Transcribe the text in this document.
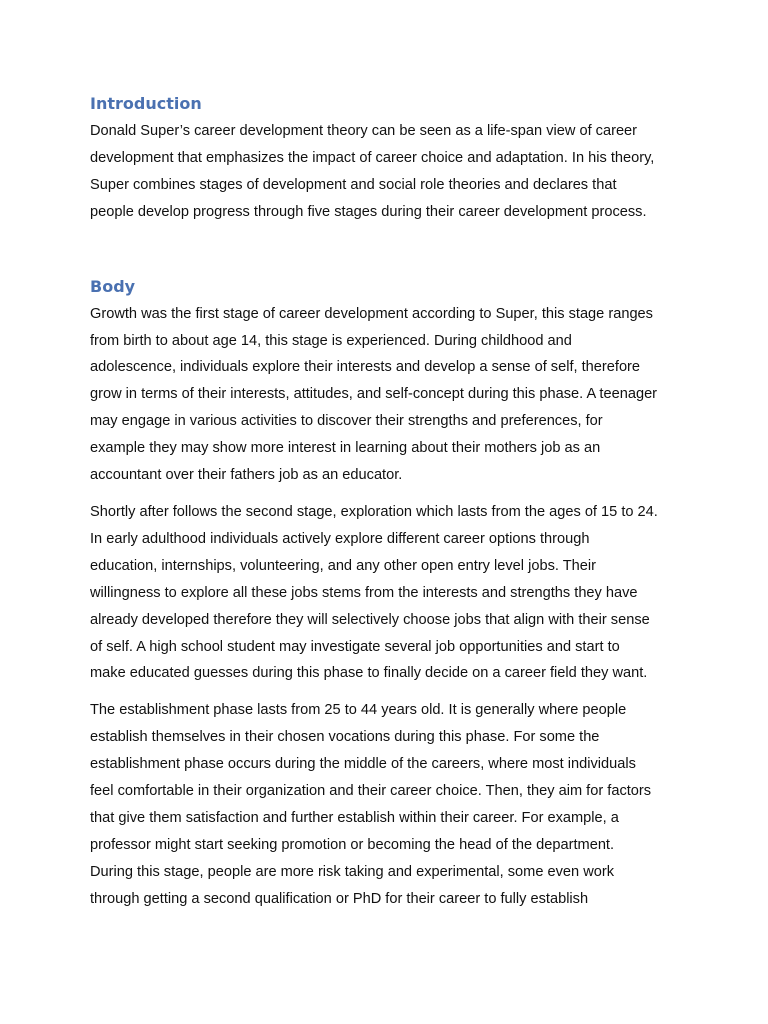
Introduction

Donald Super’s career development theory can be seen as a life-span view of career
development that emphasizes the impact of career choice and adaptation. In his theory,
Super combines stages of development and social role theories and declares that
people develop progress through five stages during their career development process.

Body

Growth was the first stage of career development according to Super, this stage ranges
from birth to about age 14, this stage is experienced. During childhood and
adolescence, individuals explore their interests and develop a sense of self, therefore
grow in terms of their interests, attitudes, and self-concept during this phase. A teenager
may engage in various activities to discover their strengths and preferences, for
example they may show more interest in learning about their mothers job as an
accountant over their fathers job as an educator.

Shortly after follows the second stage, exploration which lasts from the ages of 15 to 24.
In early adulthood individuals actively explore different career options through
education, internships, volunteering, and any other open entry level jobs. Their
willingness to explore all these jobs stems from the interests and strengths they have
already developed therefore they will selectively choose jobs that align with their sense
of self. A high school student may investigate several job opportunities and start to
make educated guesses during this phase to finally decide on a career field they want.

The establishment phase lasts from 25 to 44 years old. It is generally where people
establish themselves in their chosen vocations during this phase. For some the
establishment phase occurs during the middle of the careers, where most individuals
feel comfortable in their organization and their career choice. Then, they aim for factors
that give them satisfaction and further establish within their career. For example, a
professor might start seeking promotion or becoming the head of the department.
During this stage, people are more risk taking and experimental, some even work
through getting a second qualification or PhD for their career to fully establish
